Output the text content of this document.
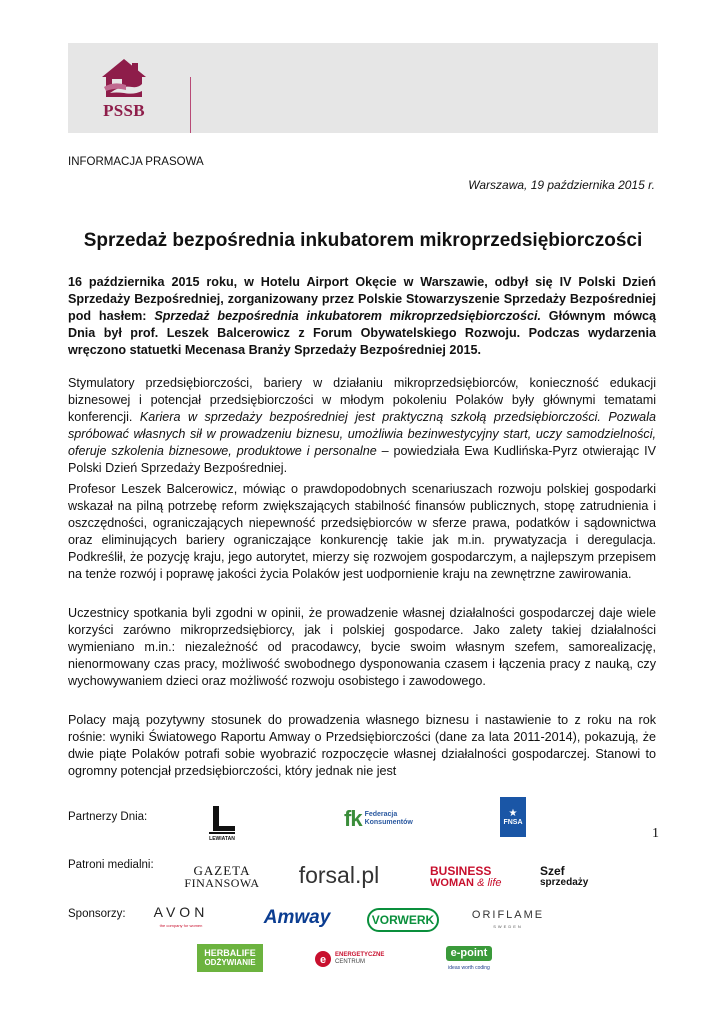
PSSB
INFORMACJA PRASOWA
Warszawa, 19 października 2015 r.
Sprzedaż bezpośrednia inkubatorem mikroprzedsiębiorczości

16 października 2015 roku, w Hotelu Airport Okęcie w Warszawie, odbył się IV Polski Dzień Sprzedaży Bezpośredniej, zorganizowany przez Polskie Stowarzyszenie Sprzedaży Bezpośredniej pod hasłem: Sprzedaż bezpośrednia inkubatorem mikroprzedsiębiorczości. Głównym mówcą Dnia był prof. Leszek Balcerowicz z Forum Obywatelskiego Rozwoju. Podczas wydarzenia wręczono statuetki Mecenasa Branży Sprzedaży Bezpośredniej 2015.

Stymulatory przedsiębiorczości, bariery w działaniu mikroprzedsiębiorców, konieczność edukacji biznesowej i potencjał przedsiębiorczości w młodym pokoleniu Polaków były głównymi tematami konferencji. Kariera w sprzedaży bezpośredniej jest praktyczną szkołą przedsiębiorczości. Pozwala spróbować własnych sił w prowadzeniu biznesu, umożliwia bezinwestycyjny start, uczy samodzielności, oferuje szkolenia biznesowe, produktowe i personalne – powiedziała Ewa Kudlińska-Pyrz otwierając IV Polski Dzień Sprzedaży Bezpośredniej.

Profesor Leszek Balcerowicz, mówiąc o prawdopodobnych scenariuszach rozwoju polskiej gospodarki wskazał na pilną potrzebę reform zwiększających stabilność finansów publicznych, stopę zatrudnienia i oszczędności, ograniczających niepewność przedsiębiorców w sferze prawa, podatków i sądownictwa oraz eliminujących bariery ograniczające konkurencję takie jak m.in. prywatyzacja i deregulacja. Podkreślił, że pozycję kraju, jego autorytet, mierzy się rozwojem gospodarczym, a najlepszym przepisem na tenże rozwój i poprawę jakości życia Polaków jest uodpornienie kraju na zewnętrzne zawirowania.

Uczestnicy spotkania byli zgodni w opinii, że prowadzenie własnej działalności gospodarczej daje wiele korzyści zarówno mikroprzedsiębiorcy, jak i polskiej gospodarce. Jako zalety takiej działalności wymieniano m.in.: niezależność od pracodawcy, bycie swoim własnym szefem, samorealizację, nienormowany czas pracy, możliwość swobodnego dysponowania czasem i łączenia pracy z nauką, czy wychowywaniem dzieci oraz możliwość rozwoju osobistego i zawodowego.

Polacy mają pozytywny stosunek do prowadzenia własnego biznesu i nastawienie to z roku na rok rośnie: wyniki Światowego Raportu Amway o Przedsiębiorczości (dane za lata 2011-2014), pokazują, że dwie piąte Polaków potrafi sobie wyobrazić rozpoczęcie własnej działalności gospodarczej. Stanowi to ogromny potencjał przedsiębiorczości, który jednak nie jest

1
Partnerzy Dnia:
Patroni medialni:
Sponsorzy:
LEWIATAN
fk Federacja
Konsumentów
★
FNSA
GAZETA
FINANSOWA forsal.pl	BUSINESS
WOMAN & life
Szef
sprzedaży
AVON
the company for women	Amway	VORWERK	ORIFLAME
SWEDEN
HERBALIFE
ODŻYWIANIE	e ENERGETYCZNE
CENTRUM
e-point
ideas worth coding
